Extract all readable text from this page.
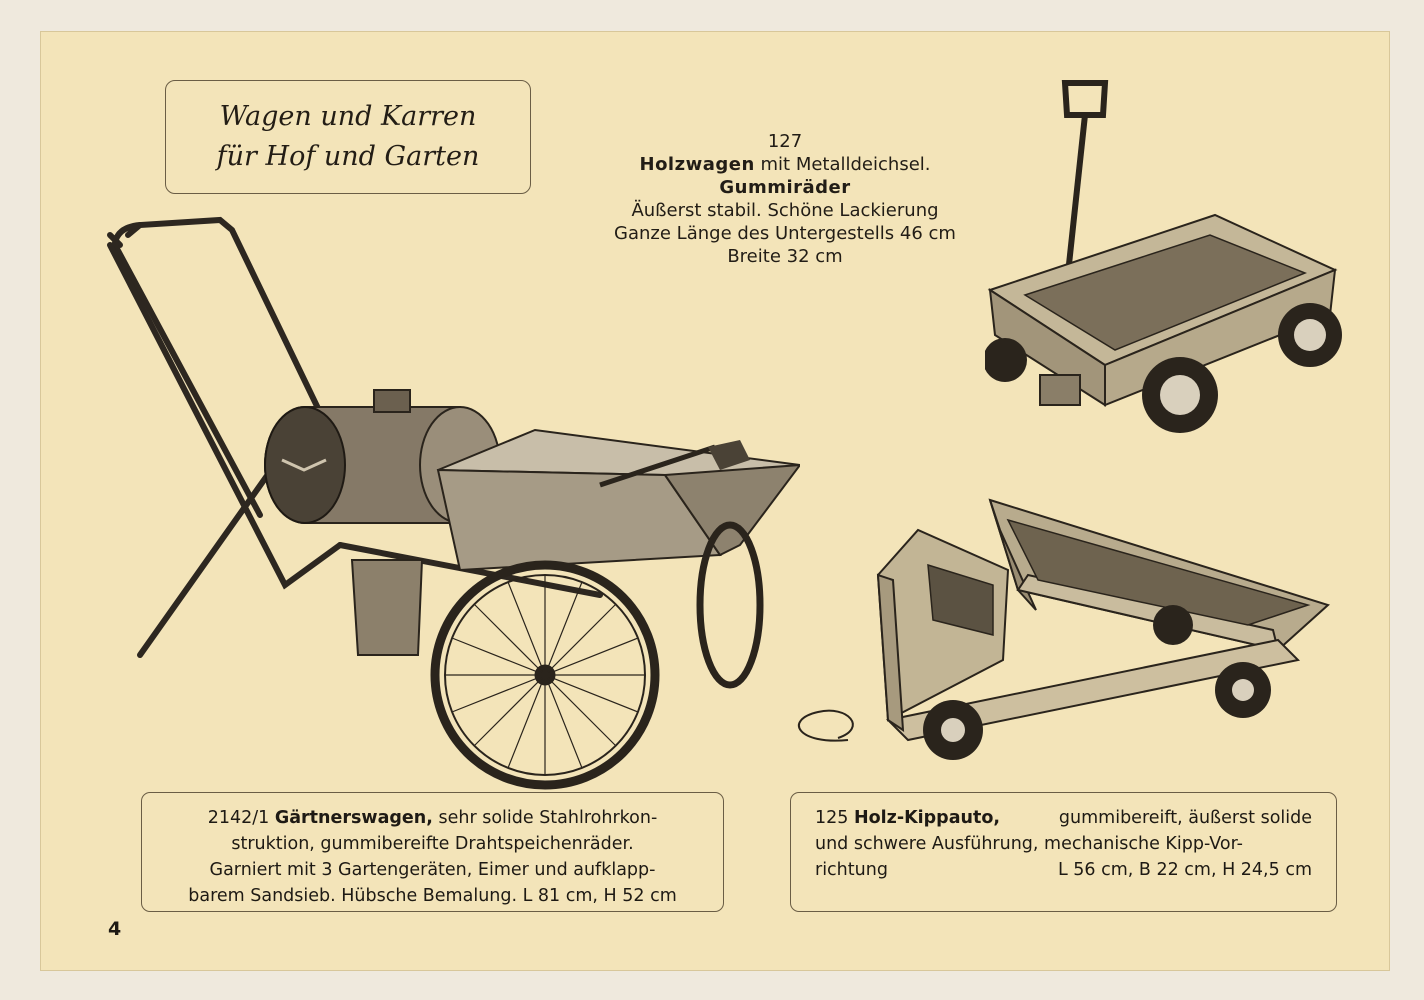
Wagen und Karren
für Hof und Garten	127
Holzwagen mit Metalldeichsel.
Gummiräder
Äußerst stabil. Schöne Lackierung
Ganze Länge des Untergestells 46 cm
Breite 32 cm
2142/1 Gärtnerswagen, sehr solide Stahlrohrkon-
struktion, gummibereifte Drahtspeichenräder.
Garniert mit 3 Gartengeräten, Eimer und aufklapp-
barem Sandsieb. Hübsche Bemalung. L 81 cm, H 52 cm
125 Holz-Kippauto,	gummibereift, äußerst solide
und schwere Ausführung, mechanische Kipp-Vor-
richtung	L 56 cm, B 22 cm, H 24,5 cm
4
